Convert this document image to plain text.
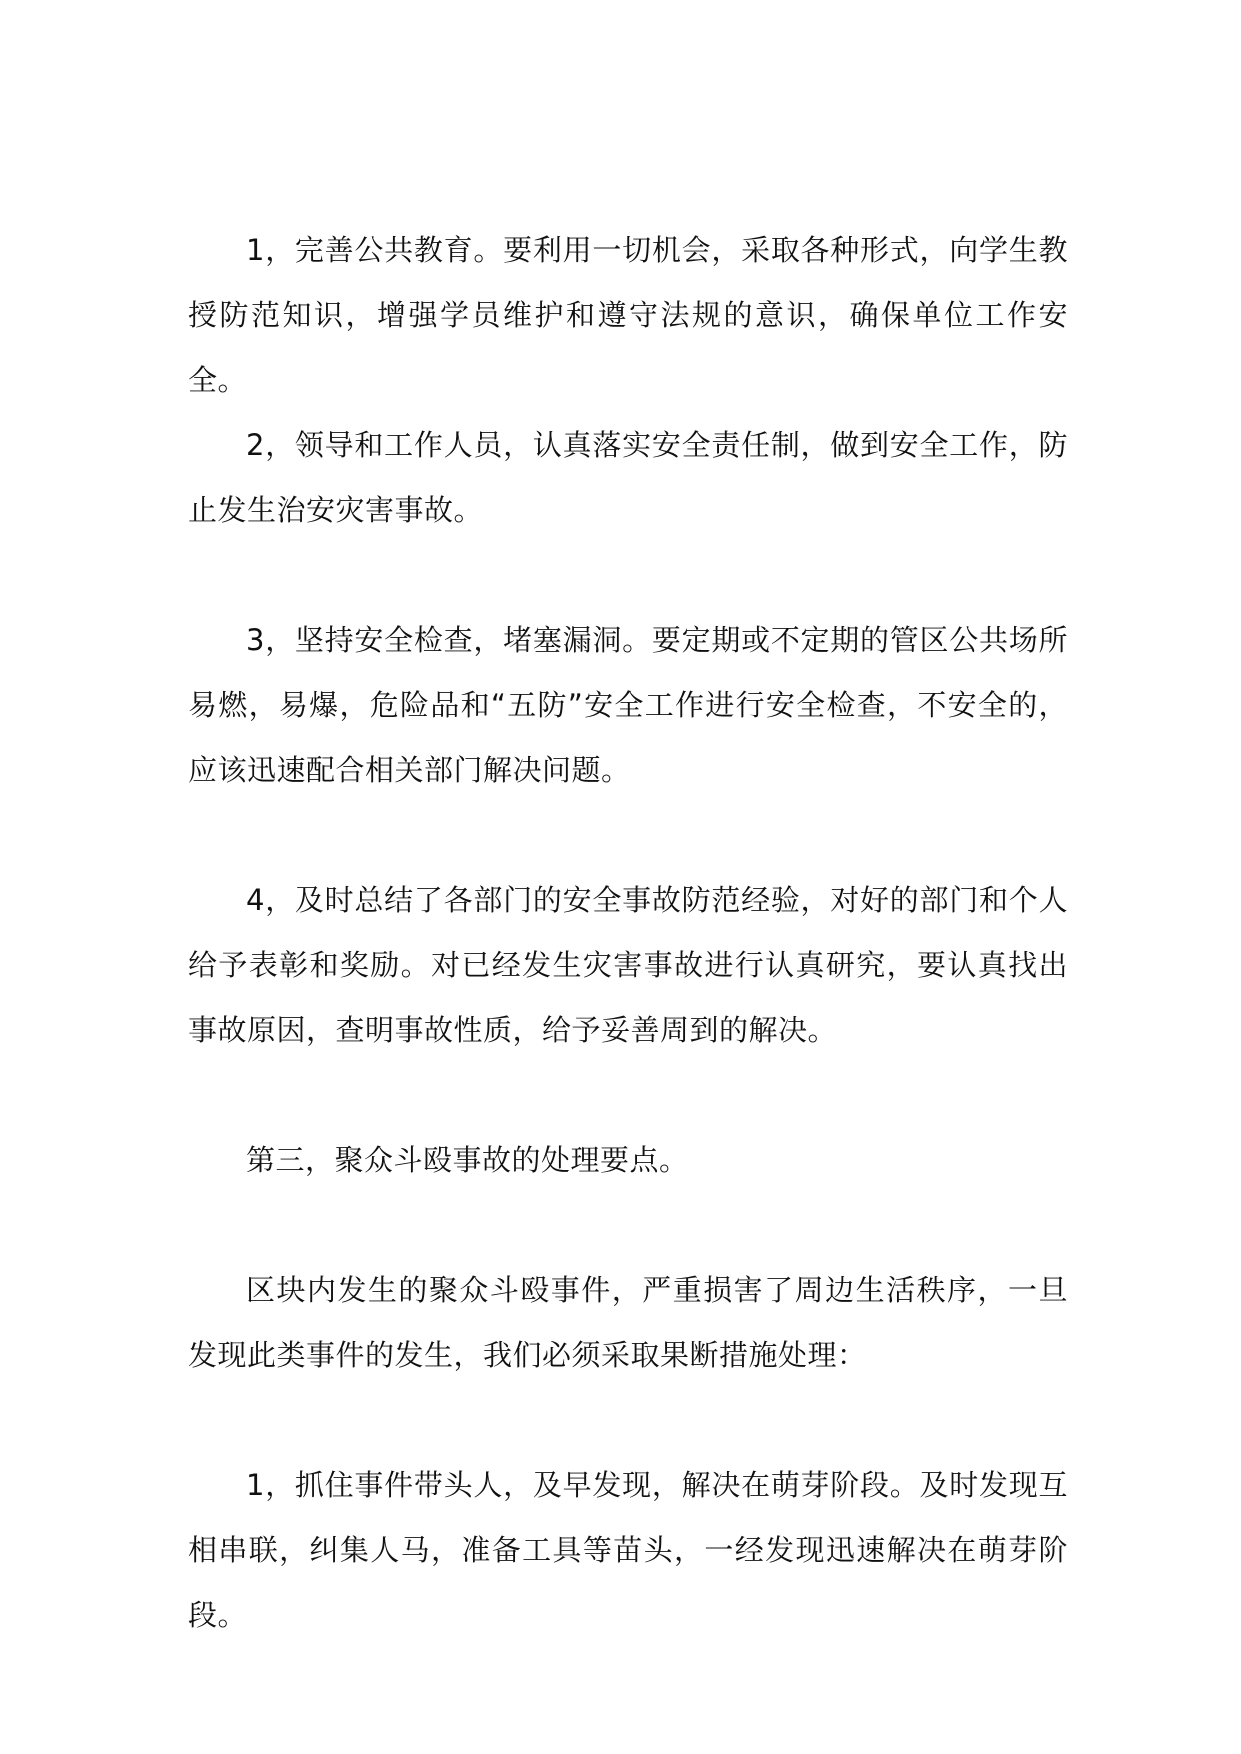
1，完善公共教育。要利用一切机会，采取各种形式，向学生教授防范知识，增强学员维护和遵守法规的意识，确保单位工作安全。

2，领导和工作人员，认真落实安全责任制，做到安全工作，防止发生治安灾害事故。

3，坚持安全检查，堵塞漏洞。要定期或不定期的管区公共场所易燃，易爆，危险品和“五防”安全工作进行安全检查，不安全的，应该迅速配合相关部门解决问题。

4，及时总结了各部门的安全事故防范经验，对好的部门和个人给予表彰和奖励。对已经发生灾害事故进行认真研究，要认真找出事故原因，查明事故性质，给予妥善周到的解决。

第三，聚众斗殴事故的处理要点。

区块内发生的聚众斗殴事件，严重损害了周边生活秩序，一旦发现此类事件的发生，我们必须采取果断措施处理：

1，抓住事件带头人，及早发现，解决在萌芽阶段。及时发现互相串联，纠集人马，准备工具等苗头，一经发现迅速解决在萌芽阶段。
